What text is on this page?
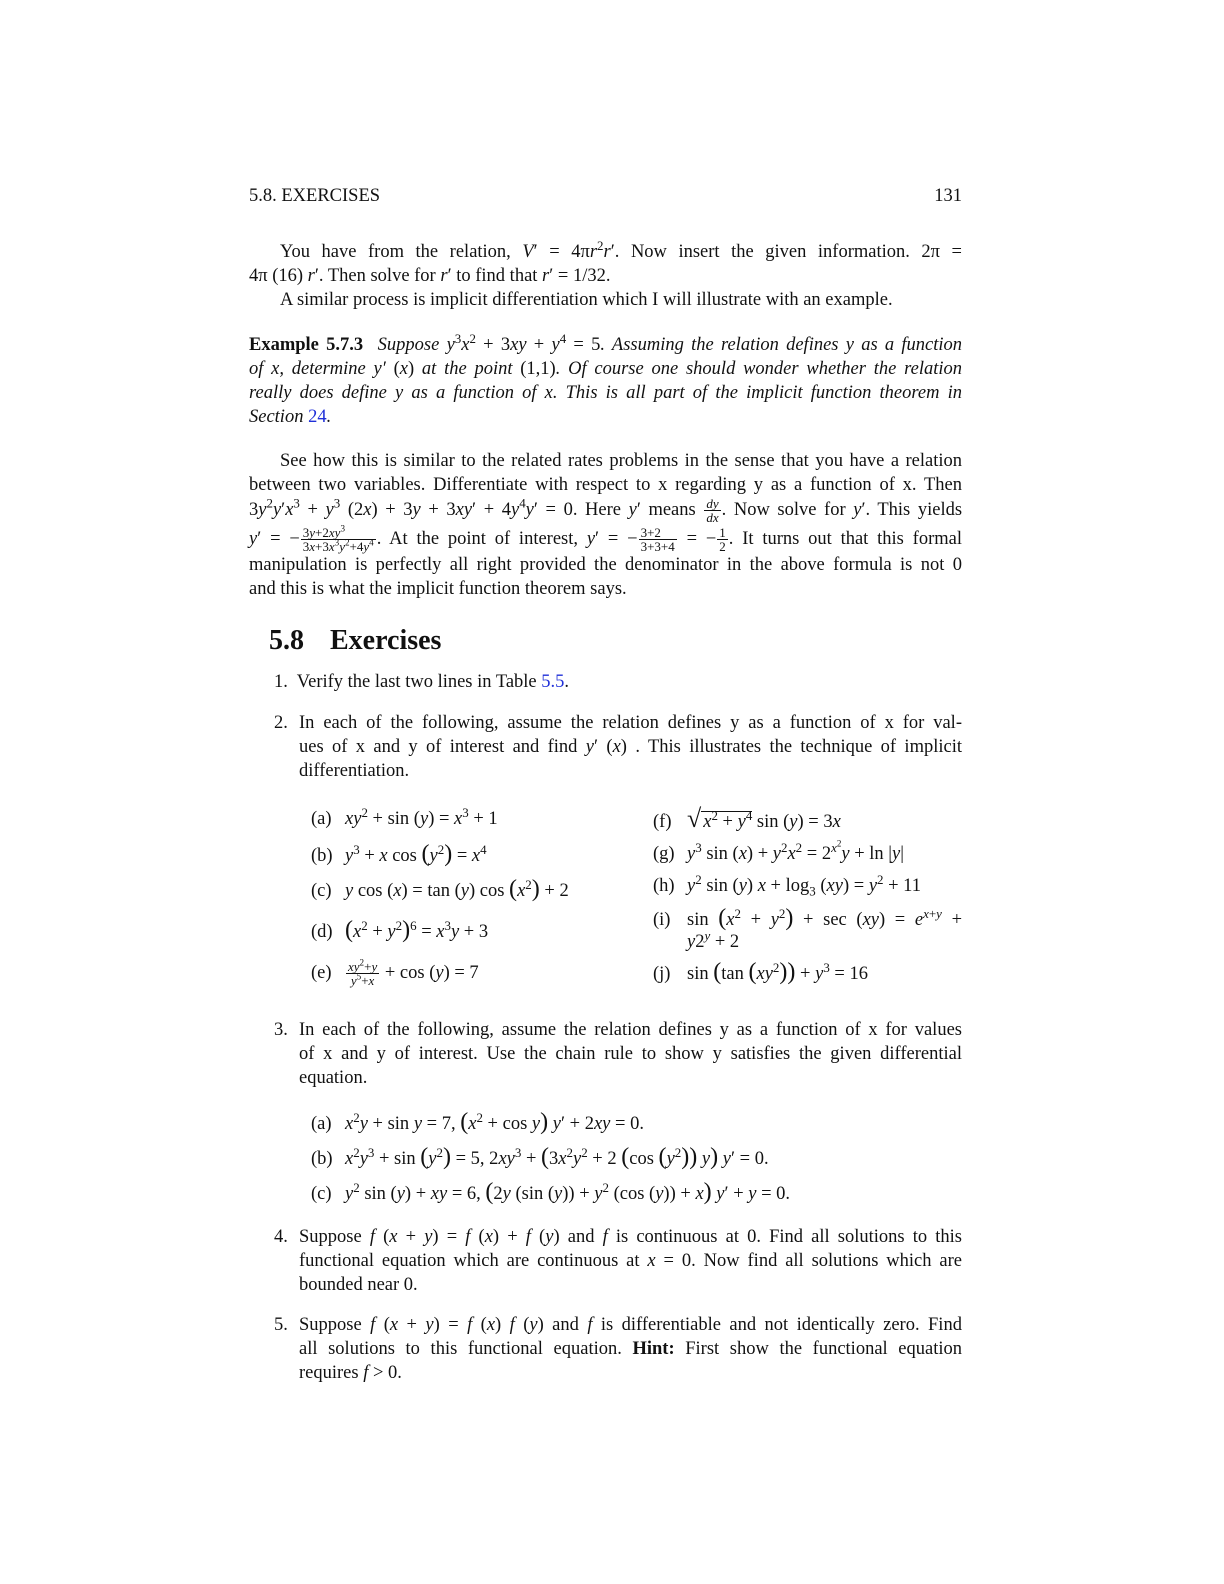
5.8. EXERCISES	131
You have from the relation, $V' = 4\pi r^2r'$. Now insert the given information. 2π =
4π (16) r′. Then solve for r′ to find that r′ = 1/32.
A similar process is implicit differentiation which I will illustrate with an example.
Example 5.7.3 Suppose $y^3x^2 + 3xy + y^4 = 5$. Assuming the relation defines y as a function
of x, determine y′ (x) at the point (1,1). Of course one should wonder whether the relation
really does define y as a function of x. This is all part of the implicit function theorem in
Section 24.
See how this is similar to the related rates problems in the sense that you have a relation
between two variables. Differentiate with respect to x regarding y as a function of x. Then
$3y^2y'x^3 + y^3$ $(2x) + 3y + 3xy' + 4y^4y' = 0$. Here y′ means $\frac{dy}{dx}$ . Now solve for y′. This yields
y′ = − $\frac{3y+2xy^3}{3x+3x^3y^2+4y^4}$ . At the point of interest, y′ = − $\frac{3+2}{3+3+4}$ = − $\frac{1}{2}$ . It turns out that this formal
manipulation is perfectly all right provided the denominator in the above formula is not 0
and this is what the implicit function theorem says.
5.8 Exercises
1. Verify the last two lines in Table 5.5.
2. In each of the following, assume the relation defines y as a function of x for val-
ues of x and y of interest and find y′ (x) . This illustrates the technique of implicit
differentiation.
(a) $xy^2 + \sin (y) = x^3 + 1$
(b) $y^3 + x$ $\cos (y^2) = x^4$
(c) y cos (x) = tan (y) $\cos (x^2) + 2$
(d) $(x^2 + y^2)^6 = x^3y + 3$
$(e) \frac{xy^2+y}{y^5+x} + \cos (y) = 7$
(f) √ $x^2 + y^4$ sin (y) = 3x
(g) $y^3$ $\sin (x) + y^2x^2 = 2^{x^2}y + \ln |y|$
(h) $y^2$ sin (y) $x + \log_3 (xy) = y^2 + 11$
(i) $\sin (x^2 + y^2) + \sec (xy) = e^{x+y}$ +
$y2^y + 2$
(j) sin (tan $(xy^2)) + y^3 = 16$
3. In each of the following, assume the relation defines y as a function of x for values
of x and y of interest. Use the chain rule to show y satisfies the given differential
equation.
(a) $x^2y + \sin y = 7$, $(x^2 + \cos y) y' + 2xy = 0$.
(b) $x^2y^3 + \sin (y^2) = 5$, $2xy^3 + (3x^2y^2 + 2$ (cos $(y^2)$) y) y′ = 0.
(c) $y^2$ sin (y) + xy = 6, (2y (sin $(y)) + y^2$ (cos (y)) + x) y′ + y = 0.
4. Suppose f (x + y) = f (x) + f (y) and f is continuous at 0. Find all solutions to this
functional equation which are continuous at x = 0. Now find all solutions which are
bounded near 0.
5. Suppose f (x + y) = f (x) f (y) and f is differentiable and not identically zero. Find
all solutions to this functional equation. Hint: First show the functional equation
requires f > 0.
